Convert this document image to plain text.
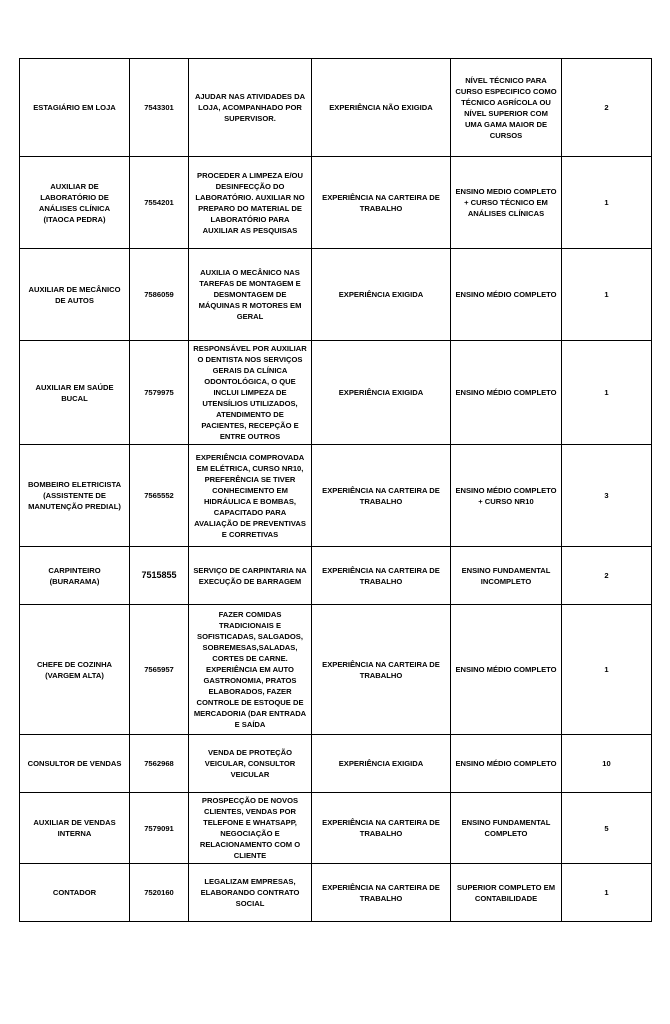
ESTAGIÁRIO EM LOJA	7543301	AJUDAR NAS ATIVIDADES DA LOJA, ACOMPANHADO POR SUPERVISOR.	EXPERIÊNCIA NÃO EXIGIDA	NÍVEL TÉCNICO PARA CURSO ESPECIFICO COMO TÉCNICO AGRÍCOLA OU NÍVEL SUPERIOR COM UMA GAMA MAIOR DE CURSOS	2
AUXILIAR DE LABORATÓRIO DE ANÁLISES CLÍNICA (ITAOCA PEDRA)	7554201	PROCEDER A LIMPEZA E/OU DESINFECÇÃO DO LABORATÓRIO. AUXILIAR NO PREPARO DO MATERIAL DE LABORATÓRIO PARA AUXILIAR AS PESQUISAS	EXPERIÊNCIA NA CARTEIRA DE TRABALHO	ENSINO MEDIO COMPLETO + CURSO TÉCNICO EM ANÁLISES CLÍNICAS	1
AUXILIAR DE MECÂNICO DE AUTOS	7586059	AUXILIA O MECÂNICO NAS TAREFAS DE MONTAGEM E DESMONTAGEM DE MÁQUINAS R MOTORES EM GERAL	EXPERIÊNCIA EXIGIDA	ENSINO MÉDIO COMPLETO	1
AUXILIAR EM SAÚDE BUCAL	7579975	RESPONSÁVEL POR AUXILIAR O DENTISTA NOS SERVIÇOS GERAIS DA CLÍNICA ODONTOLÓGICA, O QUE INCLUI LIMPEZA DE UTENSÍLIOS UTILIZADOS, ATENDIMENTO DE PACIENTES, RECEPÇÃO E ENTRE OUTROS	EXPERIÊNCIA EXIGIDA	ENSINO MÉDIO COMPLETO	1
BOMBEIRO ELETRICISTA (ASSISTENTE DE MANUTENÇÃO PREDIAL)	7565552	EXPERIÊNCIA COMPROVADA EM ELÉTRICA, CURSO NR10, PREFERÊNCIA SE TIVER CONHECIMENTO EM HIDRÁULICA E BOMBAS, CAPACITADO PARA AVALIAÇÃO DE PREVENTIVAS E CORRETIVAS	EXPERIÊNCIA NA CARTEIRA DE TRABALHO	ENSINO MÉDIO COMPLETO + CURSO NR10	3
CARPINTEIRO (BURARAMA)	7515855	SERVIÇO DE CARPINTARIA NA EXECUÇÃO DE BARRAGEM	EXPERIÊNCIA NA CARTEIRA DE TRABALHO	ENSINO FUNDAMENTAL INCOMPLETO	2
CHEFE DE COZINHA (VARGEM ALTA)	7565957	FAZER COMIDAS TRADICIONAIS E SOFISTICADAS, SALGADOS, SOBREMESAS,SALADAS, CORTES DE CARNE. EXPERIÊNCIA EM AUTO GASTRONOMIA, PRATOS ELABORADOS, FAZER CONTROLE DE ESTOQUE DE MERCADORIA (DAR ENTRADA E SAÍDA	EXPERIÊNCIA NA CARTEIRA DE TRABALHO	ENSINO MÉDIO COMPLETO	1
CONSULTOR DE VENDAS	7562968	VENDA DE PROTEÇÃO VEICULAR, CONSULTOR VEICULAR	EXPERIÊNCIA EXIGIDA	ENSINO MÉDIO COMPLETO	10
AUXILIAR DE VENDAS INTERNA	7579091	PROSPECÇÃO DE NOVOS CLIENTES, VENDAS POR TELEFONE E WHATSAPP, NEGOCIAÇÃO E RELACIONAMENTO COM O CLIENTE	EXPERIÊNCIA NA CARTEIRA DE TRABALHO	ENSINO FUNDAMENTAL COMPLETO	5
CONTADOR	7520160	LEGALIZAM EMPRESAS, ELABORANDO CONTRATO SOCIAL	EXPERIÊNCIA NA CARTEIRA DE TRABALHO	SUPERIOR COMPLETO EM CONTABILIDADE	1
